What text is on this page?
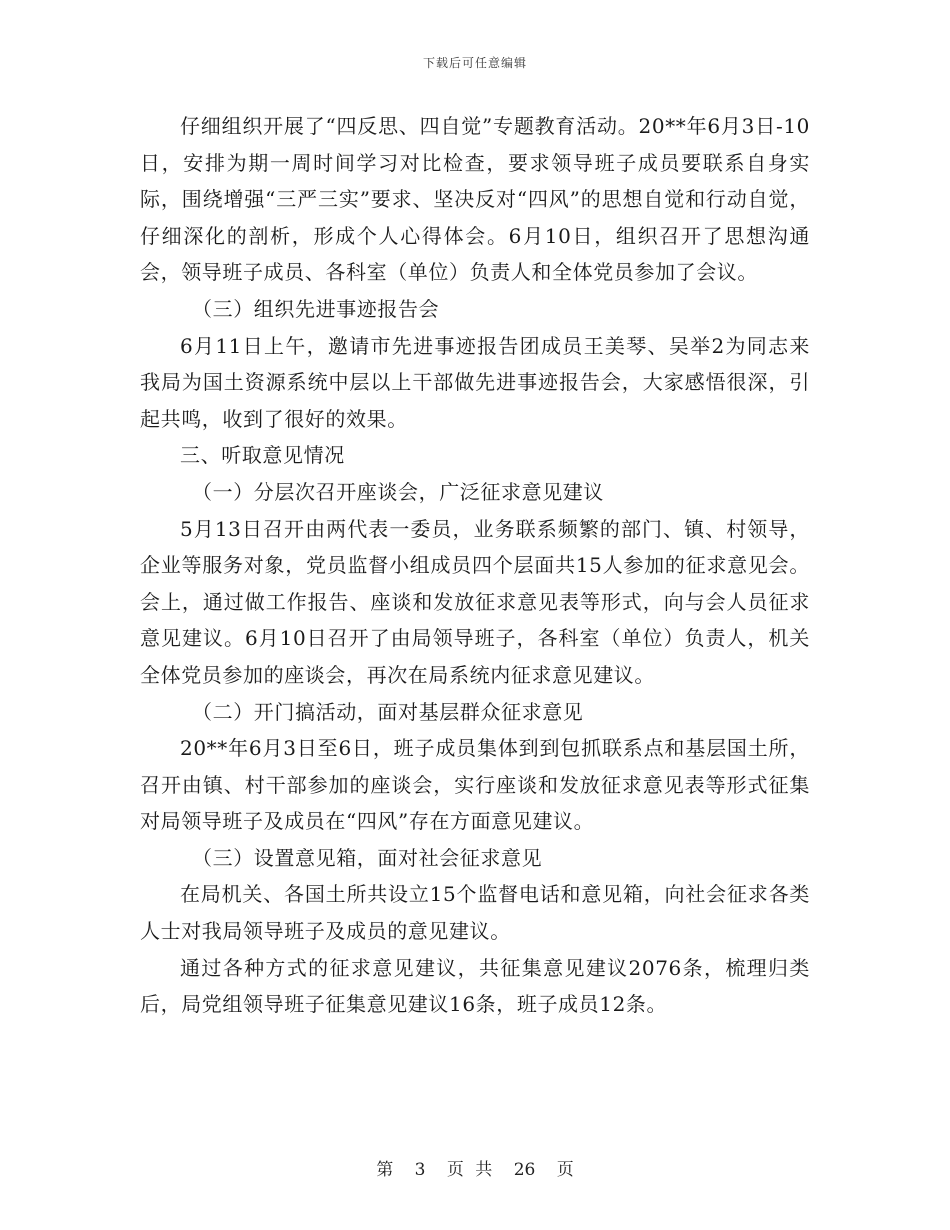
下载后可任意编辑

仔细组织开展了“四反思、四自觉”专题教育活动。20**年6月3日-10日，安排为期一周时间学习对比检查，要求领导班子成员要联系自身实际，围绕增强“三严三实”要求、坚决反对“四风”的思想自觉和行动自觉，仔细深化的剖析，形成个人心得体会。6月10日，组织召开了思想沟通会，领导班子成员、各科室（单位）负责人和全体党员参加了会议。

（三）组织先进事迹报告会

6月11日上午，邀请市先进事迹报告团成员王美琴、吴举2为同志来我局为国土资源系统中层以上干部做先进事迹报告会，大家感悟很深，引起共鸣，收到了很好的效果。

三、听取意见情况

（一）分层次召开座谈会，广泛征求意见建议

5月13日召开由两代表一委员，业务联系频繁的部门、镇、村领导，企业等服务对象，党员监督小组成员四个层面共15人参加的征求意见会。会上，通过做工作报告、座谈和发放征求意见表等形式，向与会人员征求意见建议。6月10日召开了由局领导班子，各科室（单位）负责人，机关全体党员参加的座谈会，再次在局系统内征求意见建议。

（二）开门搞活动，面对基层群众征求意见

20**年6月3日至6日，班子成员集体到到包抓联系点和基层国土所，召开由镇、村干部参加的座谈会，实行座谈和发放征求意见表等形式征集对局领导班子及成员在“四风”存在方面意见建议。

（三）设置意见箱，面对社会征求意见

在局机关、各国土所共设立15个监督电话和意见箱，向社会征求各类人士对我局领导班子及成员的意见建议。

通过各种方式的征求意见建议，共征集意见建议2076条，梳理归类后，局党组领导班子征集意见建议16条，班子成员12条。

第 3 页 共 26 页
